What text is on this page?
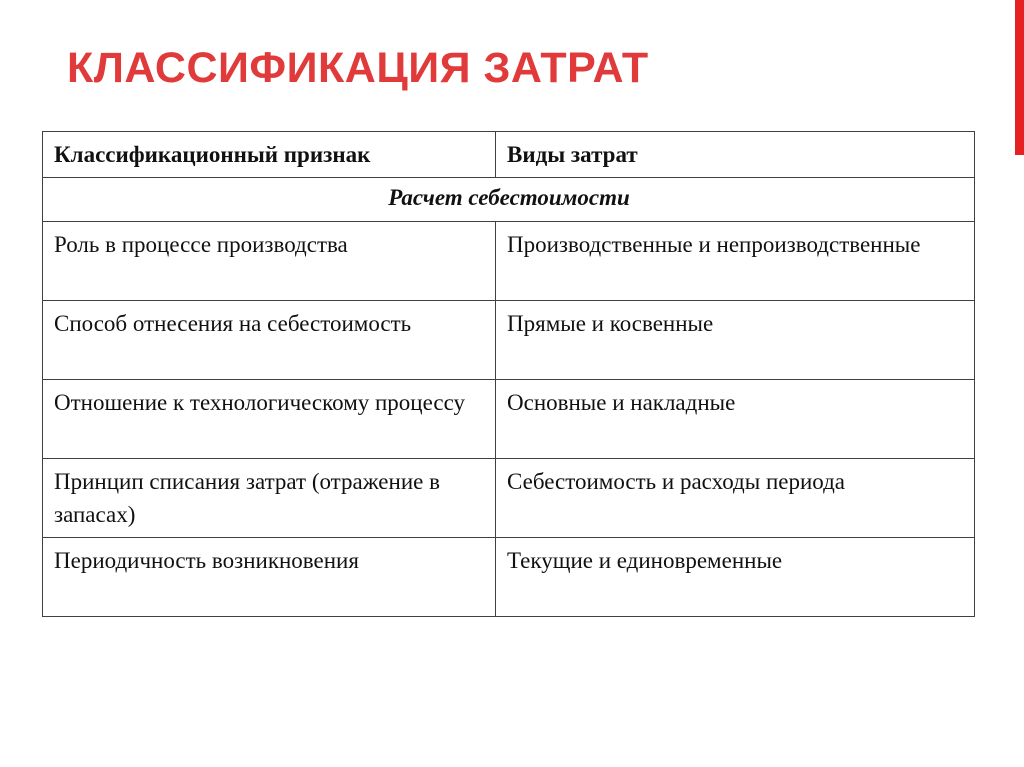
КЛАССИФИКАЦИЯ ЗАТРАТ
Классификационный признак	Виды затрат
Расчет себестоимости	
Роль в процессе производства	Производственные и непроизводственные
Способ отнесения на себестоимость	Прямые и косвенные
Отношение к технологическому процессу	Основные и накладные
Принцип списания затрат (отражение в запасах)	Себестоимость и расходы периода
Периодичность возникновения	Текущие и единовременные
